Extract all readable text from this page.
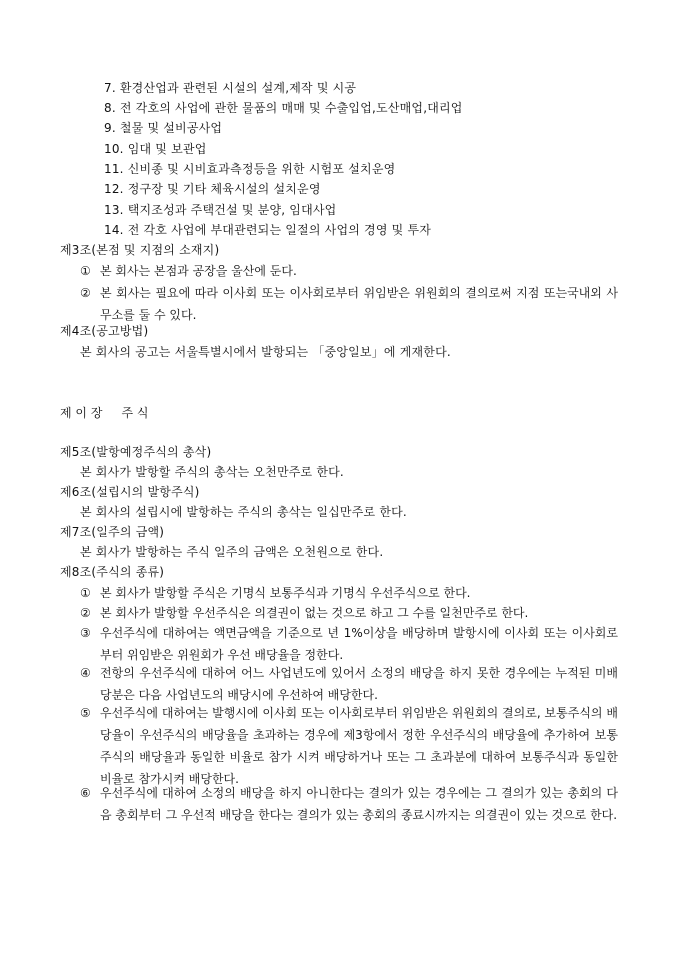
7. 환경산업과 관련된 시설의 설계,제작 및 시공
8. 전 각호의 사업에 관한 물품의 매매 및 수출입업,도산매업,대리업
9. 철물 및 설비공사업
10. 임대 및 보관업
11. 신비종 및 시비효과측정등을 위한 시험포 설치운영
12. 정구장 및 기타 체육시설의 설치운영
13. 택지조성과 주택건설 및 분양, 임대사업
14. 전 각호 사업에 부대관련되는 일절의 사업의 경영 및 투자
제3조(본점 및 지점의 소재지)
① 본 회사는 본점과 공장을 울산에 둔다.
② 본 회사는 필요에 따라 이사회 또는 이사회로부터 위임받은 위원회의 결의로써 지점 또는국내외 사무소를 둘 수 있다.
제4조(공고방법)
본 회사의 공고는 서울특별시에서 발항되는 「중앙일보」에 게재한다.
제 이 장     주 식
제5조(발항예정주식의 총삭)
본 회사가 발항할 주식의 총삭는 오천만주로 한다.
제6조(설립시의 발항주식)
본 회사의 설립시에 발항하는 주식의 총삭는 일십만주로 한다.
제7조(일주의 금액)
본 회사가 발항하는 주식 일주의 금액은 오천원으로 한다.
제8조(주식의 종류)
① 본 회사가 발항할 주식은 기명식 보통주식과 기명식 우선주식으로 한다.
② 본 회사가 발항할 우선주식은 의결권이 없는 것으로 하고 그 수를 일천만주로 한다.
③ 우선주식에 대하여는 액면금액을 기준으로 년 1%이상을 배당하며 발항시에 이사회 또는 이사회로부터 위임받은 위원회가 우선 배당율을 정한다.
④ 전항의 우선주식에 대하여 어느 사업년도에 있어서 소정의 배당을 하지 못한 경우에는 누적된 미배당분은 다음 사업년도의 배당시에 우선하여 배당한다.
⑤ 우선주식에 대하여는 발행시에 이사회 또는 이사회로부터 위임받은 위원회의 결의로, 보통주식의 배당율이 우선주식의 배당율을 초과하는 경우에 제3항에서 정한 우선주식의 배당율에 추가하여 보통주식의 배당율과 동일한 비율로 참가 시켜 배당하거나 또는 그 초과분에 대하여 보통주식과 동일한 비율로 참가시켜 배당한다.
⑥ 우선주식에 대하여 소정의 배당을 하지 아니한다는 결의가 있는 경우에는 그 결의가 있는 총회의 다음 총회부터 그 우선적 배당을 한다는 결의가 있는 총회의 종료시까지는 의결권이 있는 것으로 한다.
